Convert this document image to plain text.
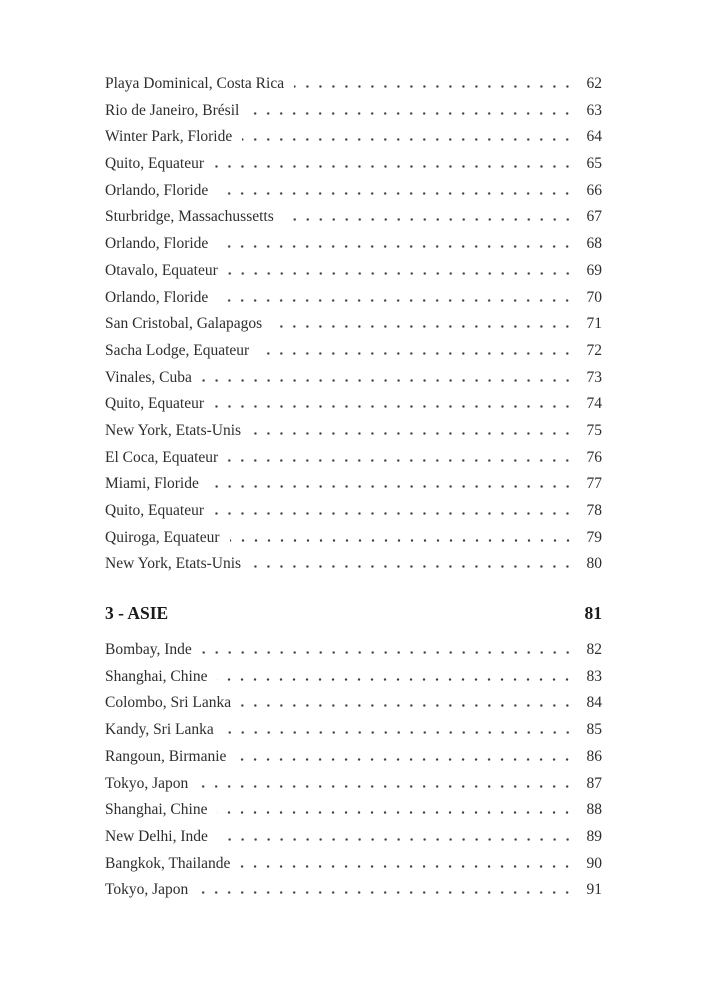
Playa Dominical, Costa Rica	62
Rio de Janeiro, Brésil	63
Winter Park, Floride	64
Quito, Equateur	65
Orlando, Floride	66
Sturbridge, Massachussetts	67
Orlando, Floride	68
Otavalo, Equateur	69
Orlando, Floride	70
San Cristobal, Galapagos	71
Sacha Lodge, Equateur	72
Vinales, Cuba	73
Quito, Equateur	74
New York, Etats-Unis	75
El Coca, Equateur	76
Miami, Floride	77
Quito, Equateur	78
Quiroga, Equateur	79
New York, Etats-Unis	80
3 - ASIE	81
Bombay, Inde	82
Shanghai, Chine	83
Colombo, Sri Lanka	84
Kandy, Sri Lanka	85
Rangoun, Birmanie	86
Tokyo, Japon	87
Shanghai, Chine	88
New Delhi, Inde	89
Bangkok, Thailande	90
Tokyo, Japon	91
